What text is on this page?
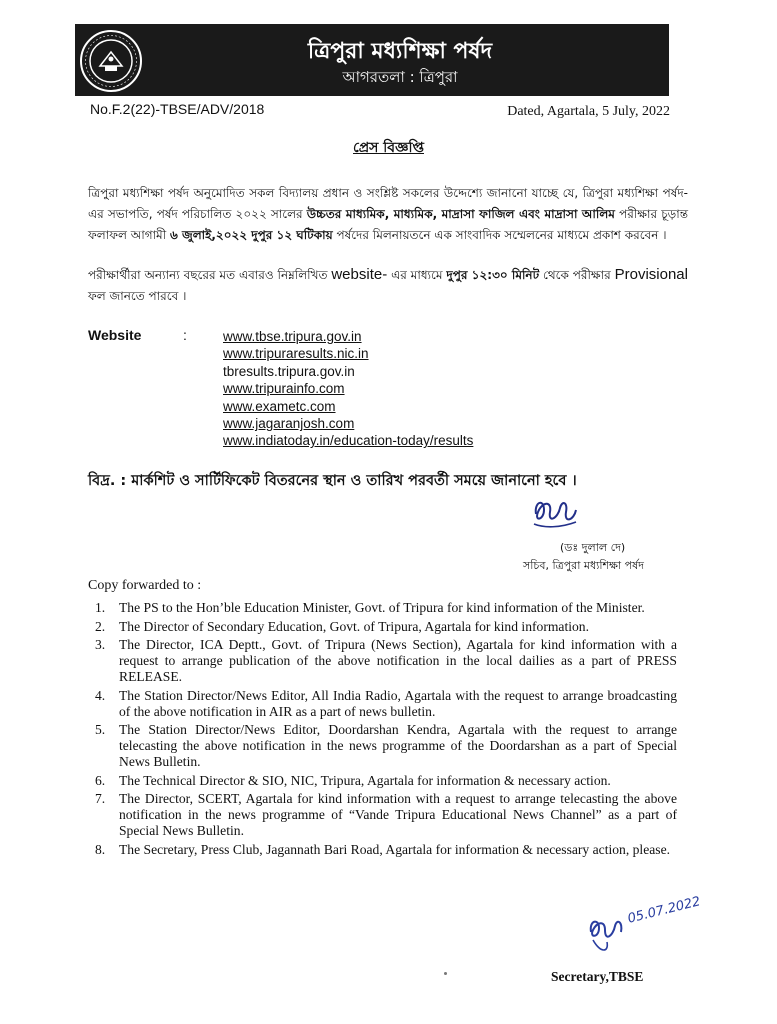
ত্রিপুরা মধ্যশিক্ষা পর্ষদ
আগরতলা : ত্রিপুরা
No.F.2(22)-TBSE/ADV/2018	Dated, Agartala, 5 July, 2022
প্রেস বিজ্ঞপ্তি
ত্রিপুরা মধ্যশিক্ষা পর্ষদ অনুমোদিত সকল বিদ্যালয় প্রধান ও সংশ্লিষ্ট সকলের উদ্দেশ্যে জানানো যাচ্ছে যে, ত্রিপুরা মধ্যশিক্ষা পর্ষদ-এর সভাপতি, পর্ষদ পরিচালিত ২০২২ সালের উচ্চতর মাধ্যমিক, মাধ্যমিক, মাদ্রাসা ফাজিল এবং মাদ্রাসা আলিম পরীক্ষার চূড়ান্ত ফলাফল আগামী ৬ জুলাই,২০২২ দুপুর ১২ ঘটিকায় পর্ষদের মিলনায়তনে এক সাংবাদিক সম্মেলনের মাধ্যমে প্রকাশ করবেন ।
পরীক্ষার্থীরা অন্যান্য বছরের মত এবারও নিম্নলিখিত website- এর মাধ্যমে দুপুর ১২:৩০ মিনিট থেকে পরীক্ষার Provisional ফল জানতে পারবে ।
Website	:	www.tbse.tripura.gov.in
www.tripuraresults.nic.in
tbresults.tripura.gov.in
www.tripurainfo.com
www.exametc.com
www.jagaranjosh.com
www.indiatoday.in/education-today/results
বিদ্র. : মার্কশিট ও সার্টিফিকেট বিতরনের স্থান ও তারিখ পরবর্তী সময়ে জানানো হবে ।
(ডঃ দুলাল দে)
সচিব, ত্রিপুরা মধ্যশিক্ষা পর্ষদ
Copy forwarded to :
1. The PS to the Hon’ble Education Minister, Govt. of Tripura for kind information of the Minister.
2. The Director of Secondary Education, Govt. of Tripura, Agartala for kind information.
3. The Director, ICA Deptt., Govt. of Tripura (News Section), Agartala for kind information with a request to arrange publication of the above notification in the local dailies as a part of PRESS RELEASE.
4. The Station Director/News Editor, All India Radio, Agartala with the request to arrange broadcasting of the above notification in AIR as a part of news bulletin.
5. The Station Director/News Editor, Doordarshan Kendra, Agartala with the request to arrange telecasting the above notification in the news programme of the Doordarshan as a part of Special News Bulletin.
6. The Technical Director & SIO, NIC, Tripura, Agartala for information & necessary action.
7. The Director, SCERT, Agartala for kind information with a request to arrange telecasting the above notification in the news programme of “Vande Tripura Educational News Channel” as a part of Special News Bulletin.
8. The Secretary, Press Club, Jagannath Bari Road, Agartala for information & necessary action, please.
05.07.2022
Secretary,TBSE
